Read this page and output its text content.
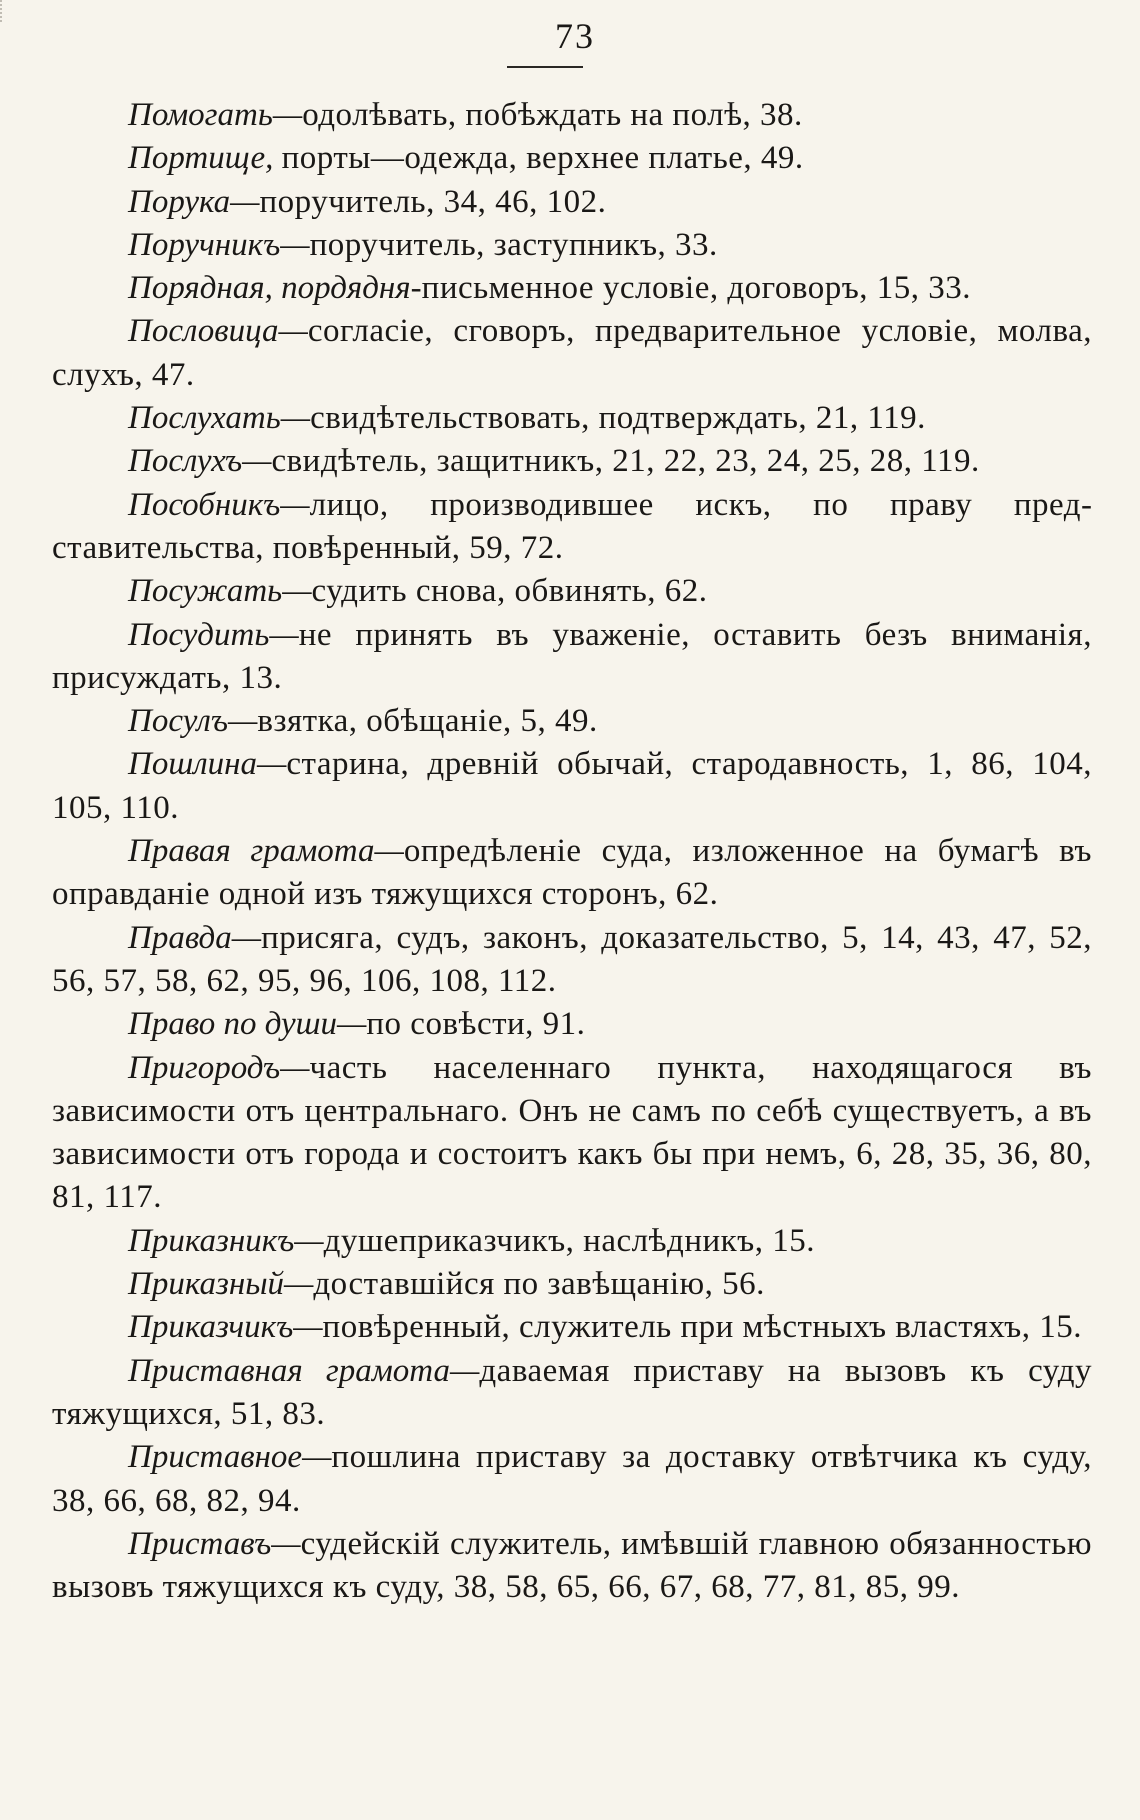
73

Помогать—одолѣвать, побѣждать на полѣ, 38.

Портище, порты—одежда, верхнее платье, 49.

Порука—поручитель, 34, 46, 102.

Поручникъ—поручитель, заступникъ, 33.

Порядная, пордядня-письменное условіе, договоръ, 15, 33.

Пословица—согласіе, сговоръ, предварительное условіе, молва, слухъ, 47.

Послухать—свидѣтельствовать, подтверждать, 21, 119.

Послухъ—свидѣтель, защитникъ, 21, 22, 23, 24, 25, 28, 119.

Пособникъ—лицо, производившее искъ, по праву представительства, повѣренный, 59, 72.

Посужать—судить снова, обвинять, 62.

Посудить—не принять въ уваженіе, оставить безъ вниманія, присуждать, 13.

Посулъ—взятка, обѣщаніе, 5, 49.

Пошлина—старина, древній обычай, стародавность, 1, 86, 104, 105, 110.

Правая грамота—опредѣленіе суда, изложенное на бумагѣ въ оправданіе одной изъ тяжущихся сторонъ, 62.

Правда—присяга, судъ, законъ, доказательство, 5, 14, 43, 47, 52, 56, 57, 58, 62, 95, 96, 106, 108, 112.

Право по души—по совѣсти, 91.

Пригородъ—часть населеннаго пункта, находящагося въ зависимости отъ центральнаго. Онъ не самъ по себѣ существуетъ, а въ зависимости отъ города и состоитъ какъ бы при немъ, 6, 28, 35, 36, 80, 81, 117.

Приказникъ—душеприказчикъ, наслѣдникъ, 15.

Приказный—доставшійся по завѣщанію, 56.

Приказчикъ—повѣренный, служитель при мѣстныхъ властяхъ, 15.

Приставная грамота—даваемая приставу на вызовъ къ суду тяжущихся, 51, 83.

Приставное—пошлина приставу за доставку отвѣтчика къ суду, 38, 66, 68, 82, 94.

Приставъ—судейскій служитель, имѣвшій главною обязанностью вызовъ тяжущихся къ суду, 38, 58, 65, 66, 67, 68, 77, 81, 85, 99.
